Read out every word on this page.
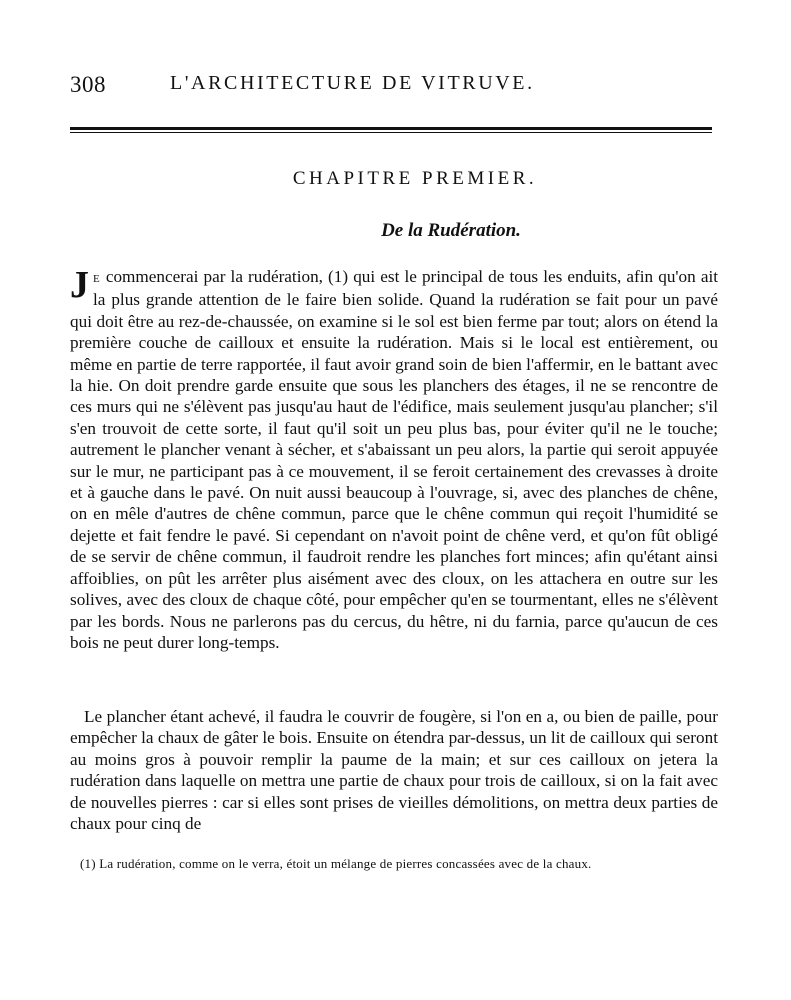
308	L'ARCHITECTURE DE VITRUVE.
CHAPITRE PREMIER.
De la Rudération.

Je commencerai par la rudération, (1) qui est le principal de tous les enduits, afin qu'on ait la plus grande attention de le faire bien solide. Quand la rudération se fait pour un pavé qui doit être au rez-de-chaussée, on examine si le sol est bien ferme par tout; alors on étend la première couche de cailloux et ensuite la rudération. Mais si le local est entièrement, ou même en partie de terre rapportée, il faut avoir grand soin de bien l'affermir, en le battant avec la hie. On doit prendre garde ensuite que sous les planchers des étages, il ne se rencontre de ces murs qui ne s'élèvent pas jusqu'au haut de l'édifice, mais seulement jusqu'au plancher; s'il s'en trouvoit de cette sorte, il faut qu'il soit un peu plus bas, pour éviter qu'il ne le touche; autrement le plancher venant à sécher, et s'abaissant un peu alors, la partie qui seroit appuyée sur le mur, ne participant pas à ce mouvement, il se feroit certainement des crevasses à droite et à gauche dans le pavé. On nuit aussi beaucoup à l'ouvrage, si, avec des planches de chêne, on en mêle d'autres de chêne commun, parce que le chêne commun qui reçoit l'humidité se dejette et fait fendre le pavé. Si cependant on n'avoit point de chêne verd, et qu'on fût obligé de se servir de chêne commun, il faudroit rendre les planches fort minces; afin qu'étant ainsi affoiblies, on pût les arrêter plus aisément avec des cloux, on les attachera en outre sur les solives, avec des cloux de chaque côté, pour empêcher qu'en se tourmentant, elles ne s'élèvent par les bords. Nous ne parlerons pas du cercus, du hêtre, ni du farnia, parce qu'aucun de ces bois ne peut durer long-temps.

Le plancher étant achevé, il faudra le couvrir de fougère, si l'on en a, ou bien de paille, pour empêcher la chaux de gâter le bois. Ensuite on étendra par-dessus, un lit de cailloux qui seront au moins gros à pouvoir remplir la paume de la main; et sur ces cailloux on jetera la rudération dans laquelle on mettra une partie de chaux pour trois de cailloux, si on la fait avec de nouvelles pierres : car si elles sont prises de vieilles démolitions, on mettra deux parties de chaux pour cinq de

(1) La rudération, comme on le verra, étoit un mélange de pierres concassées avec de la chaux.
